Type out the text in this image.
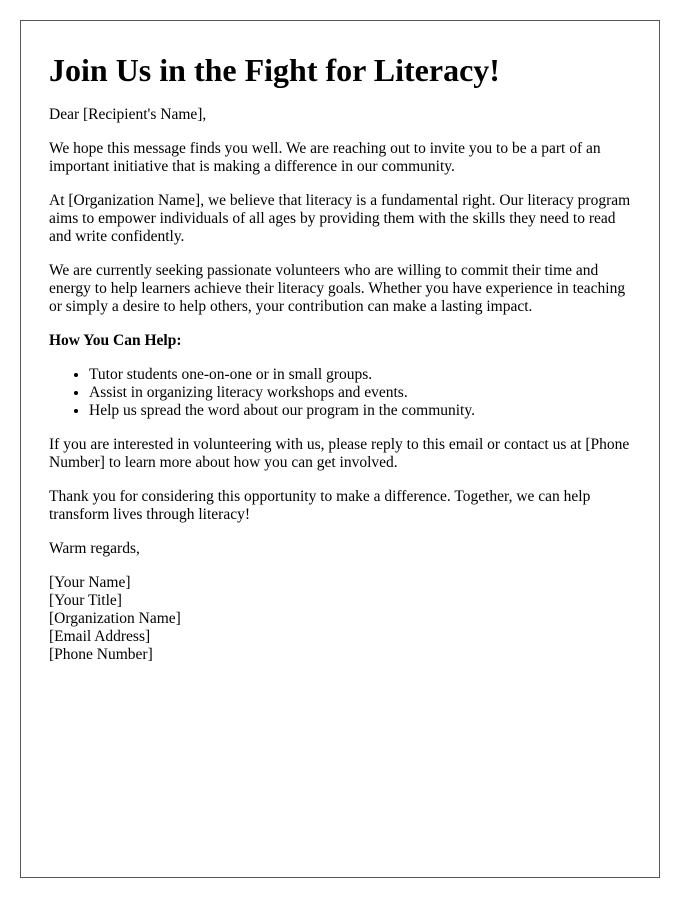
Join Us in the Fight for Literacy!

Dear [Recipient's Name],

We hope this message finds you well. We are reaching out to invite you to be a part of an important initiative that is making a difference in our community.

At [Organization Name], we believe that literacy is a fundamental right. Our literacy program aims to empower individuals of all ages by providing them with the skills they need to read and write confidently.

We are currently seeking passionate volunteers who are willing to commit their time and energy to help learners achieve their literacy goals. Whether you have experience in teaching or simply a desire to help others, your contribution can make a lasting impact.

How You Can Help:

• Tutor students one-on-one or in small groups.
• Assist in organizing literacy workshops and events.
• Help us spread the word about our program in the community.

If you are interested in volunteering with us, please reply to this email or contact us at [Phone Number] to learn more about how you can get involved.

Thank you for considering this opportunity to make a difference. Together, we can help transform lives through literacy!

Warm regards,

[Your Name]
[Your Title]
[Organization Name]
[Email Address]
[Phone Number]
